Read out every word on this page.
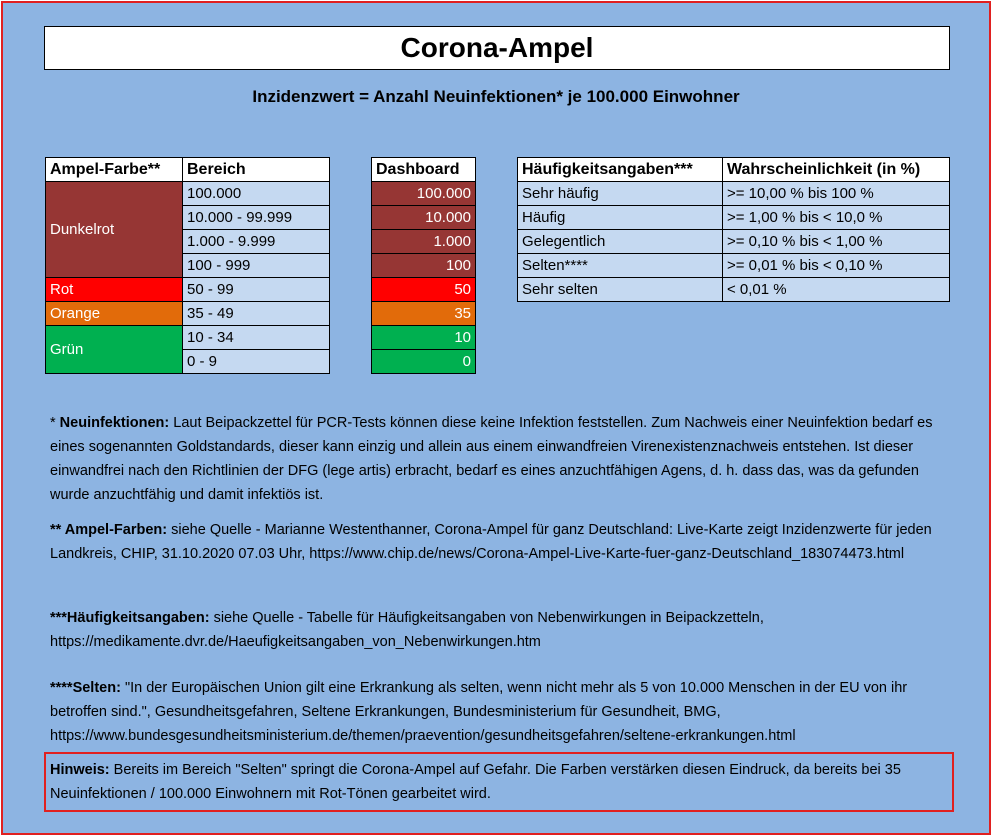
Corona-Ampel
Inzidenzwert = Anzahl Neuinfektionen* je 100.000 Einwohner
Ampel-Farbe**	Bereich
Dunkelrot	100.000
	10.000 - 99.999
	1.000 - 9.999
	100 - 999
Rot	50 - 99
Orange	35 - 49
Grün	10 - 34
	0 - 9
Dashboard
100.000
10.000
1.000
100
50
35
10
0
Häufigkeitsangaben***	Wahrscheinlichkeit (in %)
Sehr häufig	>= 10,00 % bis 100 %

Häufig	>= 1,00 % bis < 10,0 %
Gelegentlich	>= 0,10 % bis < 1,00 %
Selten****	>= 0,01 % bis < 0,10 %

Sehr selten	< 0,01 %
* Neuinfektionen: Laut Beipackzettel für PCR-Tests können diese keine Infektion feststellen. Zum Nachweis einer Neuinfektion bedarf es eines sogenannten Goldstandards, dieser kann einzig und allein aus einem einwandfreien Virenexistenznachweis entstehen. Ist dieser einwandfrei nach den Richtlinien der DFG (lege artis) erbracht, bedarf es eines anzuchtfähigen Agens, d. h. dass das, was da gefunden wurde anzuchtfähig und damit infektiös ist.
** Ampel-Farben: siehe Quelle - Marianne Westenthanner, Corona-Ampel für ganz Deutschland: Live-Karte zeigt Inzidenzwerte für jeden Landkreis, CHIP, 31.10.2020 07.03 Uhr, https://www.chip.de/news/Corona-Ampel-Live-Karte-fuer-ganz-Deutschland_183074473.html
***Häufigkeitsangaben: siehe Quelle - Tabelle für Häufigkeitsangaben von Nebenwirkungen in Beipackzetteln, https://medikamente.dvr.de/Haeufigkeitsangaben_von_Nebenwirkungen.htm
****Selten: "In der Europäischen Union gilt eine Erkrankung als selten, wenn nicht mehr als 5 von 10.000 Menschen in der EU von ihr betroffen sind.", Gesundheitsgefahren, Seltene Erkrankungen, Bundesministerium für Gesundheit, BMG, https://www.bundesgesundheitsministerium.de/themen/praevention/gesundheitsgefahren/seltene-erkrankungen.html
Hinweis: Bereits im Bereich "Selten" springt die Corona-Ampel auf Gefahr. Die Farben verstärken diesen Eindruck, da bereits bei 35 Neuinfektionen / 100.000 Einwohnern mit Rot-Tönen gearbeitet wird.
